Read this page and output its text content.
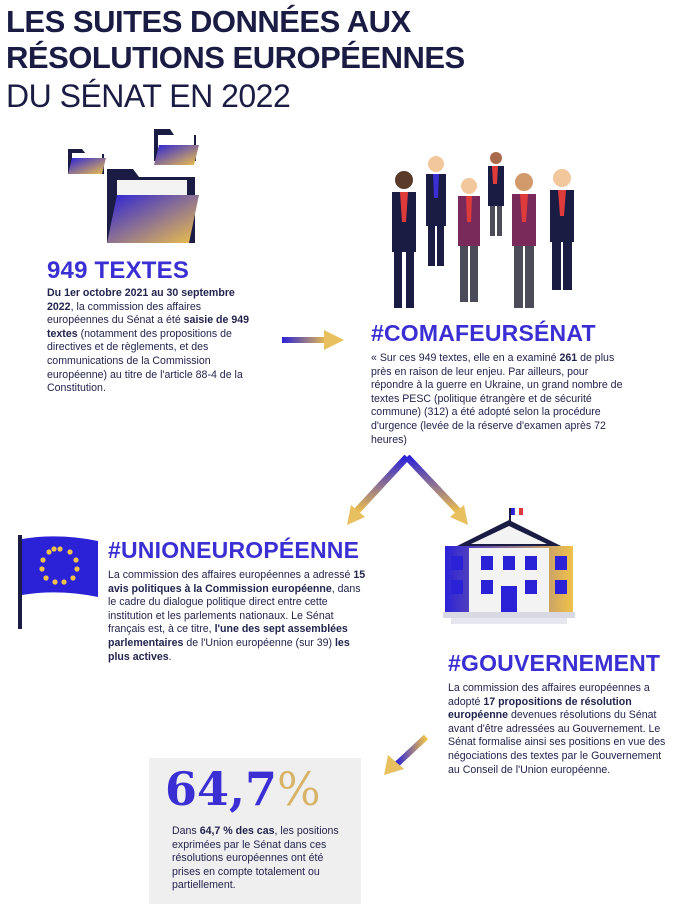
LES SUITES DONNÉES AUX
RÉSOLUTIONS EUROPÉENNES
DU SÉNAT EN 2022
949 TEXTES
Du 1er octobre 2021 au 30 septembre 2022, la commission des affaires européennes du Sénat a été saisie de 949 textes (notamment des propositions de directives et de règlements, et des communications de la Commission européenne) au titre de l'article 88-4 de la Constitution.
#COMAFEURSÉNAT
« Sur ces 949 textes, elle en a examiné 261 de plus près en raison de leur enjeu. Par ailleurs, pour répondre à la guerre en Ukraine, un grand nombre de textes PESC (politique étrangère et de sécurité commune) (312) a été adopté selon la procédure d'urgence (levée de la réserve d'examen après 72 heures)
#UNIONEUROPÉENNE
La commission des affaires européennes a adressé 15 avis politiques à la Commission européenne, dans le cadre du dialogue politique direct entre cette institution et les parlements nationaux. Le Sénat français est, à ce titre, l'une des sept assemblées parlementaires de l'Union européenne (sur 39) les plus actives.	#GOUVERNEMENT
La commission des affaires européennes a adopté 17 propositions de résolution européenne devenues résolutions du Sénat avant d'être adressées au Gouvernement. Le Sénat formalise ainsi ses positions en vue des négociations des textes par le Gouvernement au Conseil de l'Union européenne.
64,7%
Dans 64,7 % des cas, les positions exprimées par le Sénat dans ces résolutions européennes ont été prises en compte totalement ou partiellement.
